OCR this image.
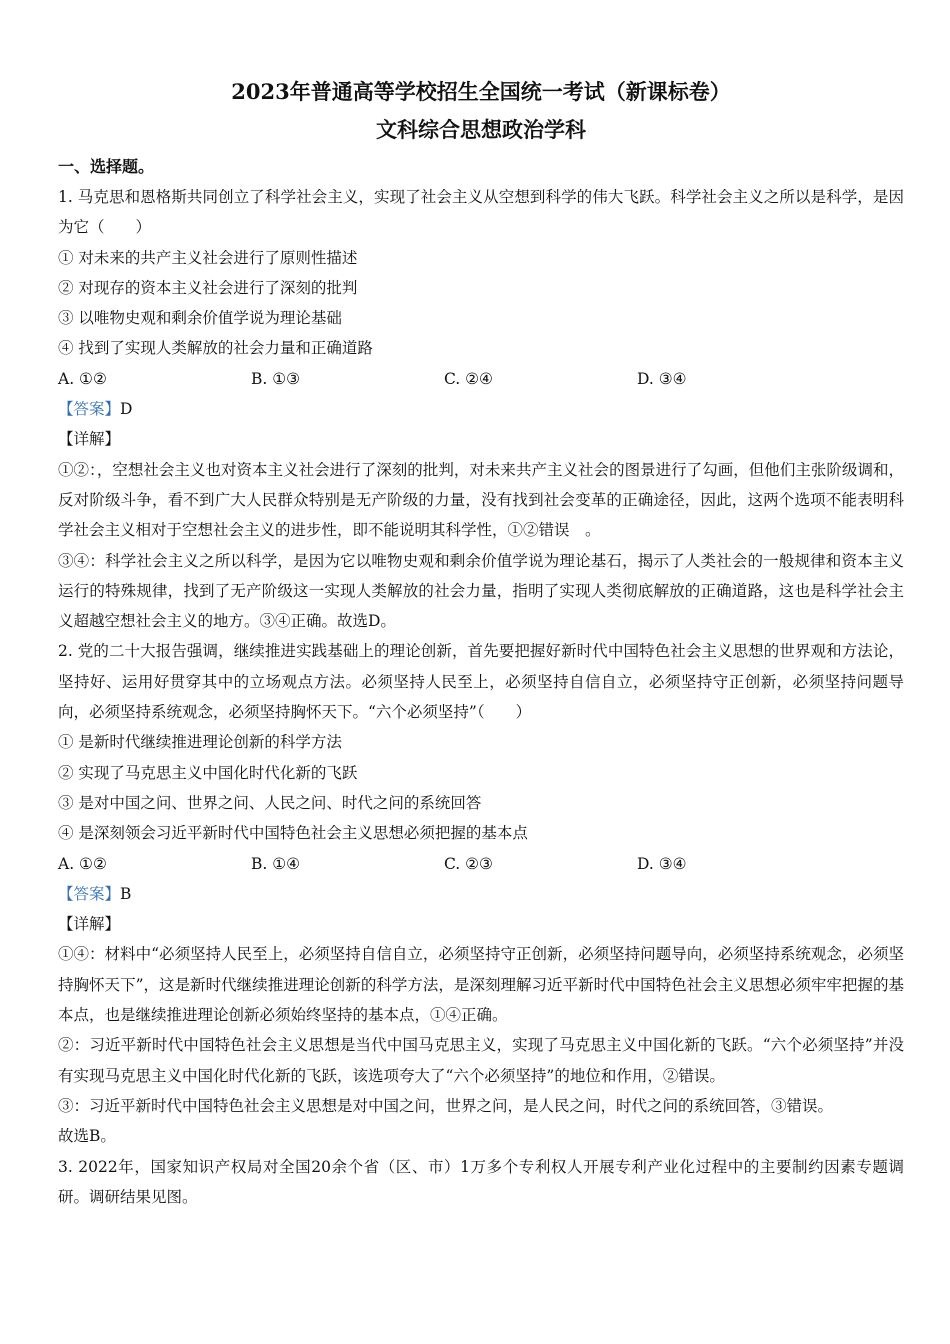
2023年普通高等学校招生全国统一考试（新课标卷）
文科综合思想政治学科
一、选择题。
1. 马克思和恩格斯共同创立了科学社会主义，实现了社会主义从空想到科学的伟大飞跃。科学社会主义之所以是科学，是因为它（　　）
① 对未来的共产主义社会进行了原则性描述
② 对现存的资本主义社会进行了深刻的批判
③ 以唯物史观和剩余价值学说为理论基础
④ 找到了实现人类解放的社会力量和正确道路
A. ①②	B. ①③	C. ②④	D. ③④
【答案】D
【详解】
①②：，空想社会主义也对资本主义社会进行了深刻的批判，对未来共产主义社会的图景进行了勾画，但他们主张阶级调和，反对阶级斗争，看不到广大人民群众特别是无产阶级的力量，没有找到社会变革的正确途径，因此，这两个选项不能表明科学社会主义相对于空想社会主义的进步性，即不能说明其科学性，①②错误　。
③④：科学社会主义之所以科学，是因为它以唯物史观和剩余价值学说为理论基石，揭示了人类社会的一般规律和资本主义运行的特殊规律，找到了无产阶级这一实现人类解放的社会力量，指明了实现人类彻底解放的正确道路，这也是科学社会主义超越空想社会主义的地方。③④正确。故选D。
2. 党的二十大报告强调，继续推进实践基础上的理论创新，首先要把握好新时代中国特色社会主义思想的世界观和方法论，坚持好、运用好贯穿其中的立场观点方法。必须坚持人民至上，必须坚持自信自立，必须坚持守正创新，必须坚持问题导向，必须坚持系统观念，必须坚持胸怀天下。“六个必须坚持”（　　）
① 是新时代继续推进理论创新的科学方法
② 实现了马克思主义中国化时代化新的飞跃
③ 是对中国之问、世界之问、人民之问、时代之问的系统回答
④ 是深刻领会习近平新时代中国特色社会主义思想必须把握的基本点
A. ①②	B. ①④	C. ②③	D. ③④
【答案】B
【详解】
①④：材料中“必须坚持人民至上，必须坚持自信自立，必须坚持守正创新，必须坚持问题导向，必须坚持系统观念，必须坚持胸怀天下”，这是新时代继续推进理论创新的科学方法，是深刻理解习近平新时代中国特色社会主义思想必须牢牢把握的基本点，也是继续推进理论创新必须始终坚持的基本点，①④正确。
②：习近平新时代中国特色社会主义思想是当代中国马克思主义，实现了马克思主义中国化新的飞跃。“六个必须坚持”并没有实现马克思主义中国化时代化新的飞跃，该选项夸大了“六个必须坚持”的地位和作用，②错误。
③：习近平新时代中国特色社会主义思想是对中国之问，世界之问，是人民之问，时代之问的系统回答，③错误。
故选B。
3. 2022年，国家知识产权局对全国20余个省（区、市）1万多个专利权人开展专利产业化过程中的主要制约因素专题调研。调研结果见图。
